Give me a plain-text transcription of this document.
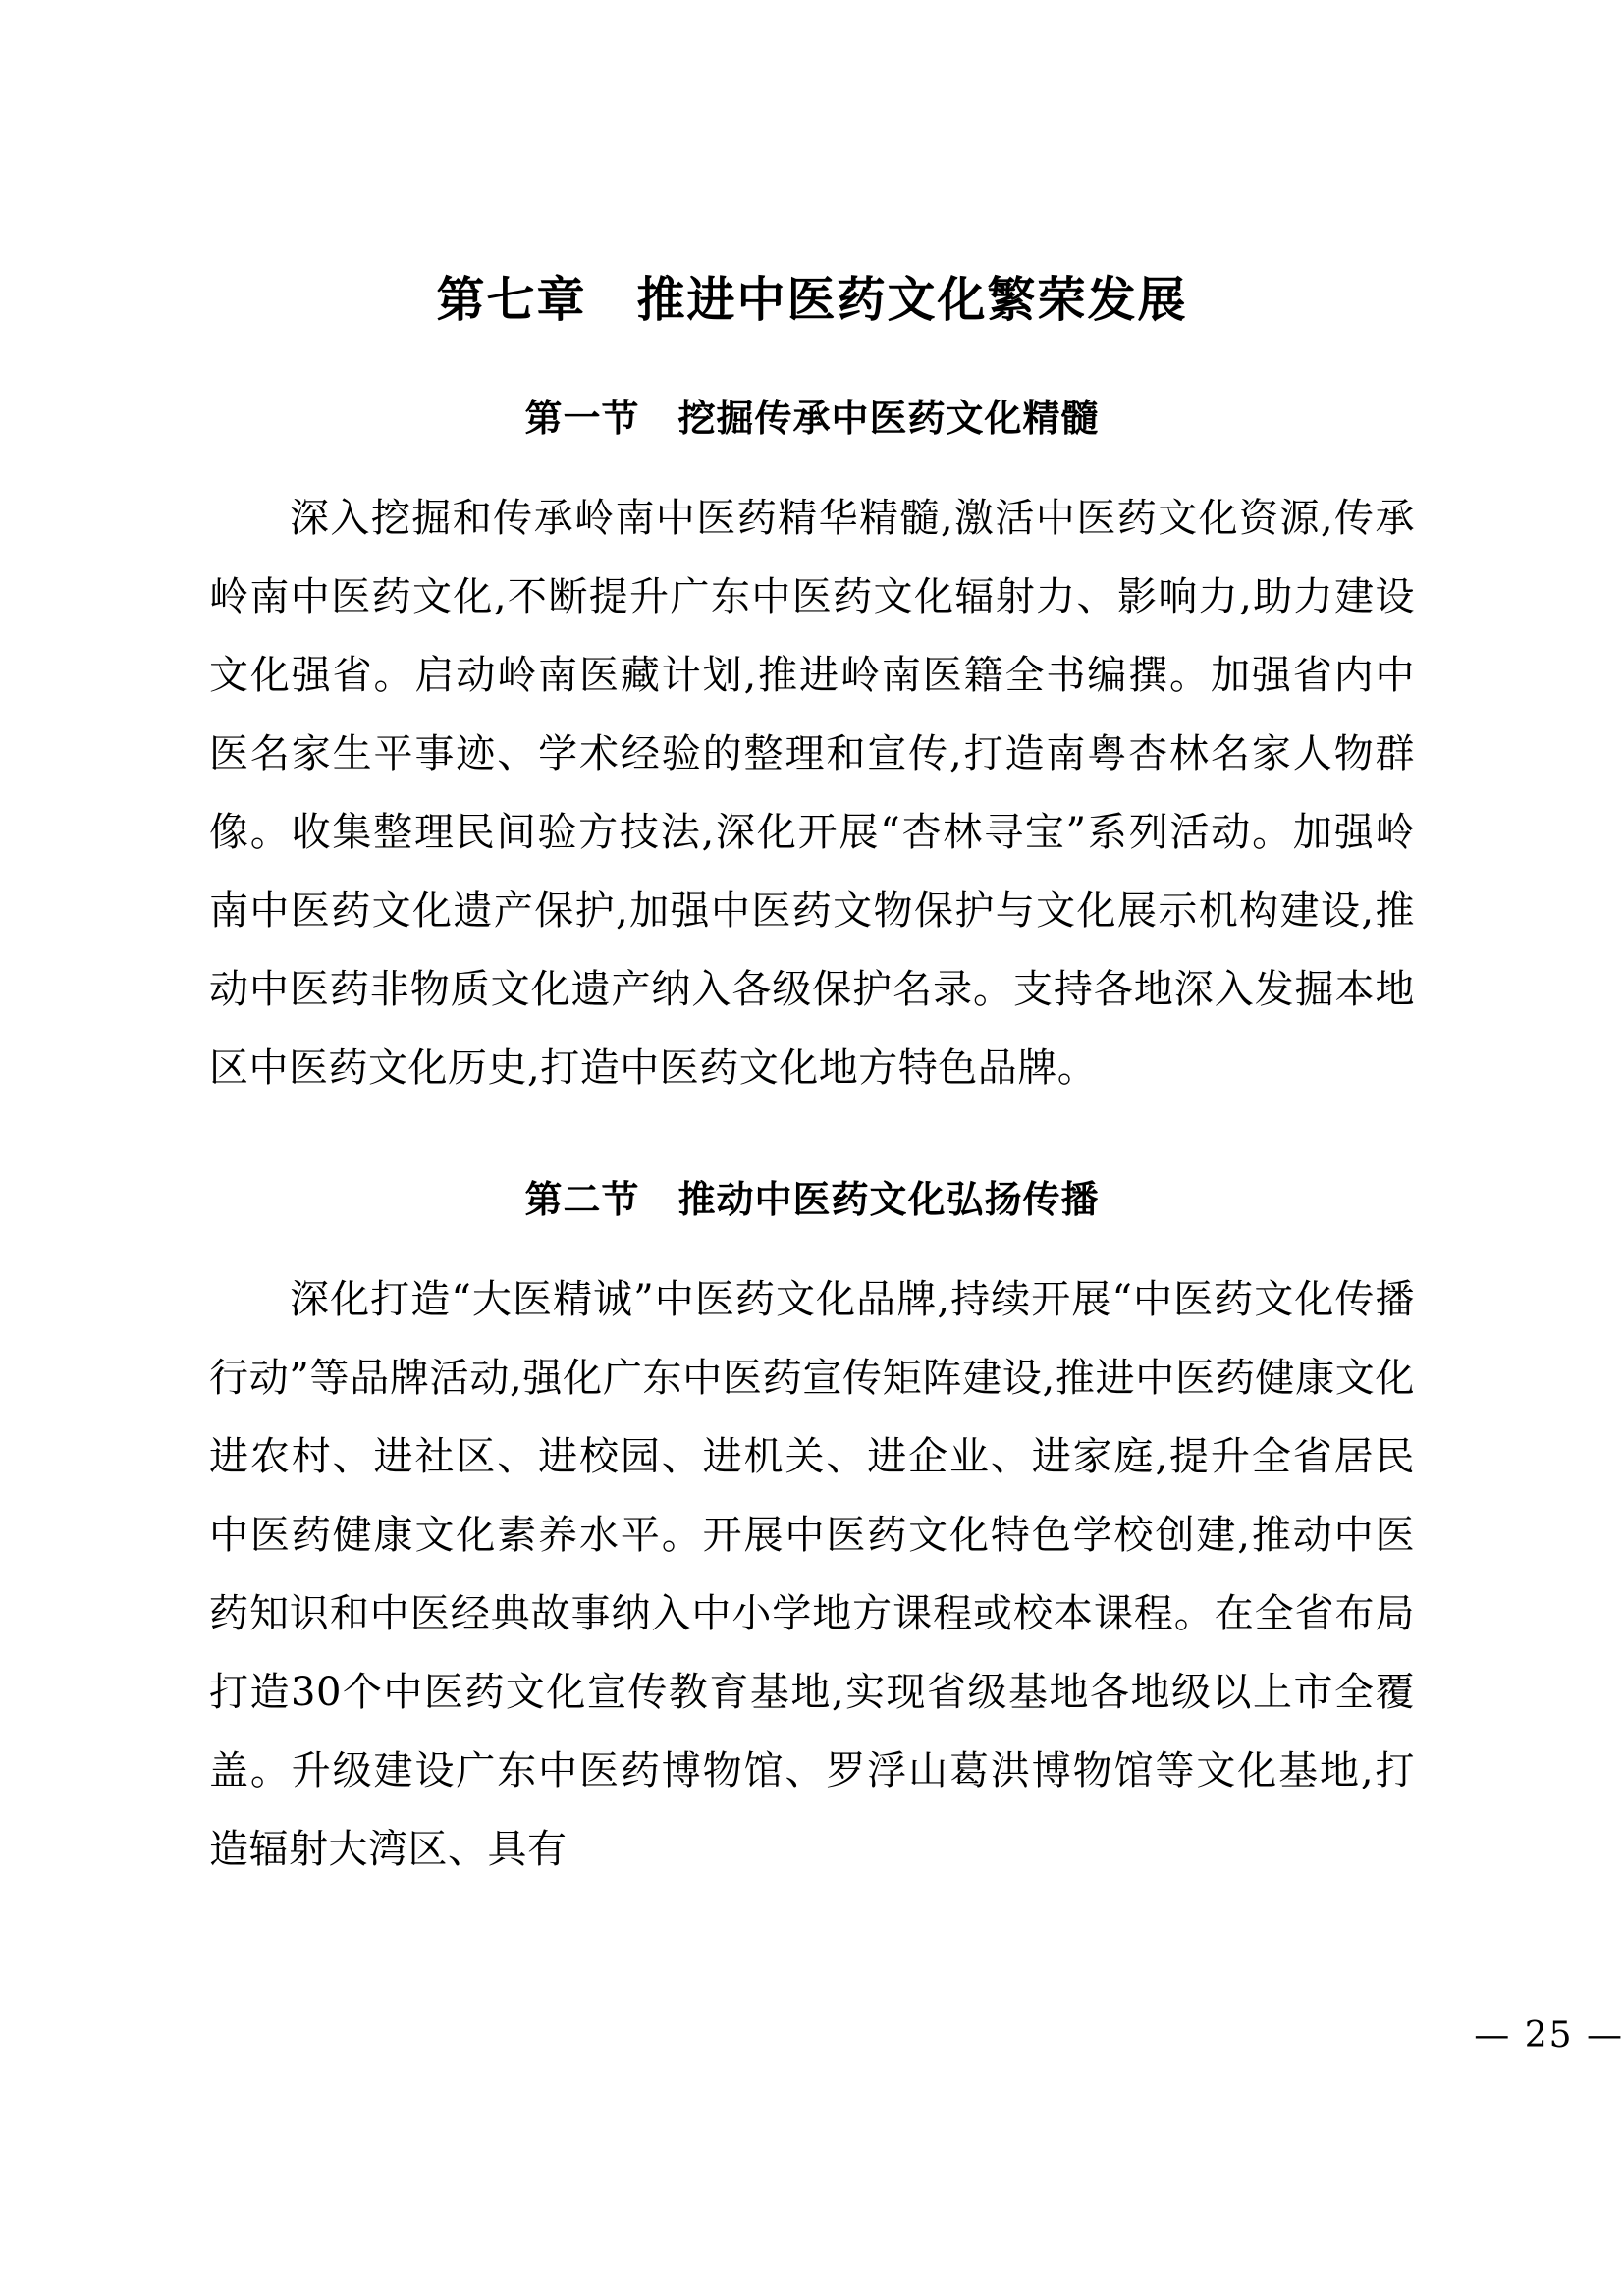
第七章　推进中医药文化繁荣发展
第一节　挖掘传承中医药文化精髓

深入挖掘和传承岭南中医药精华精髓,激活中医药文化资源,传承岭南中医药文化,不断提升广东中医药文化辐射力、影响力,助力建设文化强省。启动岭南医藏计划,推进岭南医籍全书编撰。加强省内中医名家生平事迹、学术经验的整理和宣传,打造南粤杏林名家人物群像。收集整理民间验方技法,深化开展“杏林寻宝”系列活动。加强岭南中医药文化遗产保护,加强中医药文物保护与文化展示机构建设,推动中医药非物质文化遗产纳入各级保护名录。支持各地深入发掘本地区中医药文化历史,打造中医药文化地方特色品牌。

第二节　推动中医药文化弘扬传播

深化打造“大医精诚”中医药文化品牌,持续开展“中医药文化传播行动”等品牌活动,强化广东中医药宣传矩阵建设,推进中医药健康文化进农村、进社区、进校园、进机关、进企业、进家庭,提升全省居民中医药健康文化素养水平。开展中医药文化特色学校创建,推动中医药知识和中医经典故事纳入中小学地方课程或校本课程。在全省布局打造30个中医药文化宣传教育基地,实现省级基地各地级以上市全覆盖。升级建设广东中医药博物馆、罗浮山葛洪博物馆等文化基地,打造辐射大湾区、具有

— 25 —
